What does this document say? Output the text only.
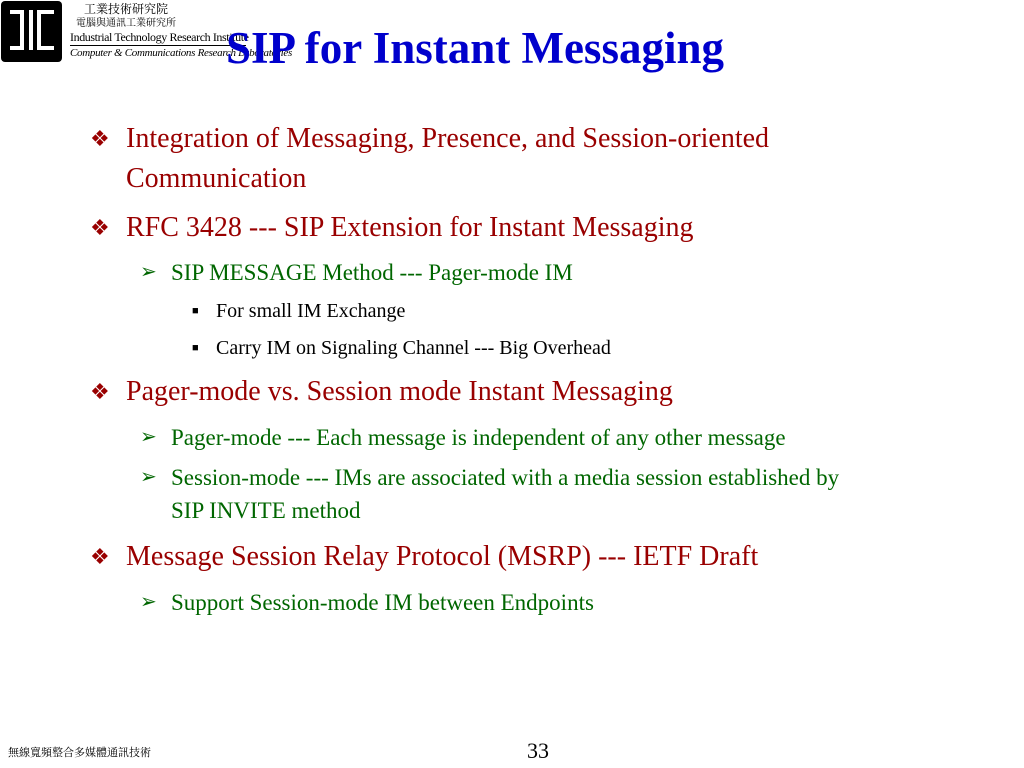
工業技術研究院
電腦與通訊工業研究所
Industrial Technology Research Institute
Computer & Communications Research Laboratories
SIP for Instant Messaging
❖ Integration of Messaging, Presence, and Session-oriented Communication
❖ RFC 3428 --- SIP Extension for Instant Messaging
➢ SIP MESSAGE Method --- Pager-mode IM
■ For small IM Exchange
■ Carry IM on Signaling Channel --- Big Overhead
❖ Pager-mode vs. Session mode Instant Messaging
➢ Pager-mode --- Each message is independent of any other message
➢ Session-mode --- IMs are associated with a media session established by SIP INVITE method
❖ Message Session Relay Protocol (MSRP) --- IETF Draft
➢ Support Session-mode IM between Endpoints
無線寬頻整合多媒體通訊技術	33
